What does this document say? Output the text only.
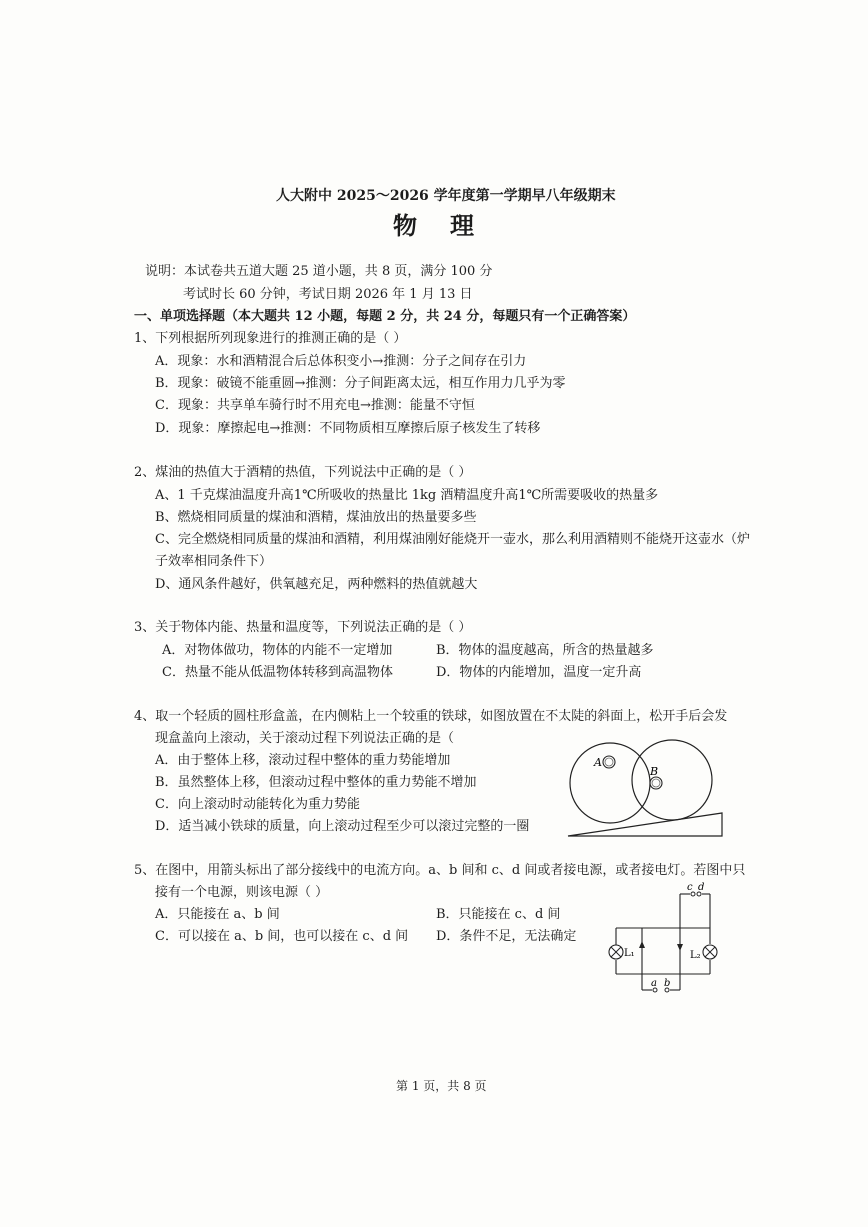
人大附中 2025～2026 学年度第一学期早八年级期末
物 理
说明：本试卷共五道大题 25 道小题，共 8 页，满分 100 分
考试时长 60 分钟，考试日期 2026 年 1 月 13 日
一、单项选择题（本大题共 12 小题，每题 2 分，共 24 分，每题只有一个正确答案）
1、下列根据所列现象进行的推测正确的是（ ）
A．现象：水和酒精混合后总体积变小→推测：分子之间存在引力
B．现象：破镜不能重圆→推测：分子间距离太远，相互作用力几乎为零
C．现象：共享单车骑行时不用充电→推测：能量不守恒
D．现象：摩擦起电→推测：不同物质相互摩擦后原子核发生了转移
2、煤油的热值大于酒精的热值，下列说法中正确的是（ ）
A、1 千克煤油温度升高1℃所吸收的热量比 1kg 酒精温度升高1℃所需要吸收的热量多
B、燃烧相同质量的煤油和酒精，煤油放出的热量要多些
C、完全燃烧相同质量的煤油和酒精，利用煤油刚好能烧开一壶水，那么利用酒精则不能烧开这壶水（炉
子效率相同条件下）
D、通风条件越好，供氧越充足，两种燃料的热值就越大
3、关于物体内能、热量和温度等，下列说法正确的是（ ）
A．对物体做功，物体的内能不一定增加	B．物体的温度越高，所含的热量越多
C．热量不能从低温物体转移到高温物体	D．物体的内能增加，温度一定升高
4、取一个轻质的圆柱形盒盖，在内侧粘上一个较重的铁球，如图放置在不太陡的斜面上，松开手后会发
现盒盖向上滚动，关于滚动过程下列说法正确的是（
A．由于整体上移，滚动过程中整体的重力势能增加
B．虽然整体上移，但滚动过程中整体的重力势能不增加
C．向上滚动时动能转化为重力势能
D．适当减小铁球的质量，向上滚动过程至少可以滚过完整的一圈
A
B
5、在图中，用箭头标出了部分接线中的电流方向。a、b 间和 c、d 间或者接电源，或者接电灯。若图中只
接有一个电源，则该电源（ ）
A．只能接在 a、b 间	B．只能接在 c、d 间
C．可以接在 a、b 间，也可以接在 c、d 间 D．条件不足，无法确定
L₁	L₂
a b
c d
第 1 页，共 8 页
